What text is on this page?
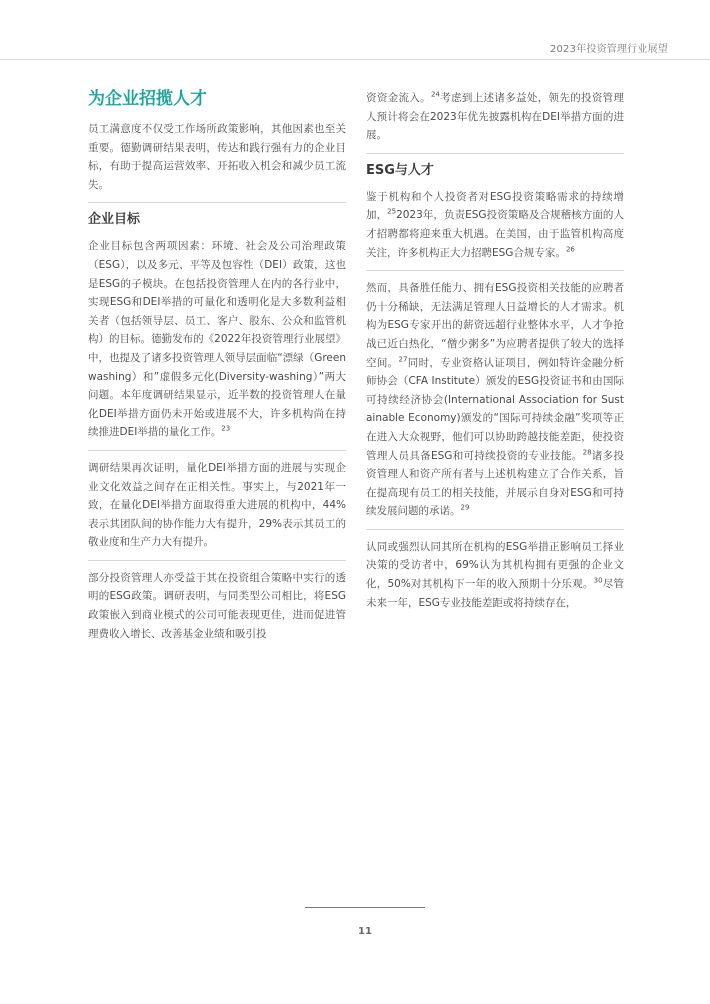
2023年投资管理行业展望
为企业招揽人才

员工满意度不仅受工作场所政策影响，其他因素也至关重要。德勤调研结果表明，传达和践行强有力的企业目标，有助于提高运营效率、开拓收入机会和减少员工流失。

企业目标

企业目标包含两项因素：环境、社会及公司治理政策（ESG），以及多元、平等及包容性（DEI）政策，这也是ESG的子模块。在包括投资管理人在内的各行业中，实现ESG和DEI举措的可量化和透明化是大多数利益相关者（包括领导层、员工、客户、股东、公众和监管机构）的目标。德勤发布的《2022年投资管理行业展望》中，也提及了诸多投资管理人领导层面临“漂绿（Greenwashing）和”虚假多元化(Diversity-washing）”两大问题。本年度调研结果显示，近半数的投资管理人在量化DEI举措方面仍未开始或进展不大，许多机构尚在持续推进DEI举措的量化工作。$^{23}$

调研结果再次证明，量化DEI举措方面的进展与实现企业文化效益之间存在正相关性。事实上，与2021年一致，在量化DEI举措方面取得重大进展的机构中，44%表示其团队间的协作能力大有提升，29%表示其员工的敬业度和生产力大有提升。

部分投资管理人亦受益于其在投资组合策略中实行的透明的ESG政策。调研表明，与同类型公司相比，将ESG政策嵌入到商业模式的公司可能表现更佳，进而促进管理费收入增长、改善基金业绩和吸引投

资资金流入。$^{24}$考虑到上述诸多益处，领先的投资管理人预计将会在2023年优先披露机构在DEI举措方面的进展。

ESG与人才

鉴于机构和个人投资者对ESG投资策略需求的持续增加，$^{25}$2023年，负责ESG投资策略及合规稽核方面的人才招聘都将迎来重大机遇。在美国，由于监管机构高度关注，许多机构正大力招聘ESG合规专家。$^{26}$

然而，具备胜任能力、拥有ESG投资相关技能的应聘者仍十分稀缺，无法满足管理人日益增长的人才需求。机构为ESG专家开出的薪资远超行业整体水平，人才争抢战已近白热化，“僧少粥多”为应聘者提供了较大的选择空间。$^{27}$同时，专业资格认证项目，例如特许金融分析师协会（CFA Institute）颁发的ESG投资证书和由国际可持续经济协会(International Association for Sustainable Economy)颁发的“国际可持续金融”奖项等正在进入大众视野，他们可以协助跨越技能差距，使投资管理人员具备ESG和可持续投资的专业技能。$^{28}$诸多投资管理人和资产所有者与上述机构建立了合作关系，旨在提高现有员工的相关技能，并展示自身对ESG和可持续发展问题的承诺。$^{29}$

认同或强烈认同其所在机构的ESG举措正影响员工择业决策的受访者中，69%认为其机构拥有更强的企业文化，50%对其机构下一年的收入预期十分乐观。$^{30}$尽管未来一年，ESG专业技能差距或将持续存在，

11
